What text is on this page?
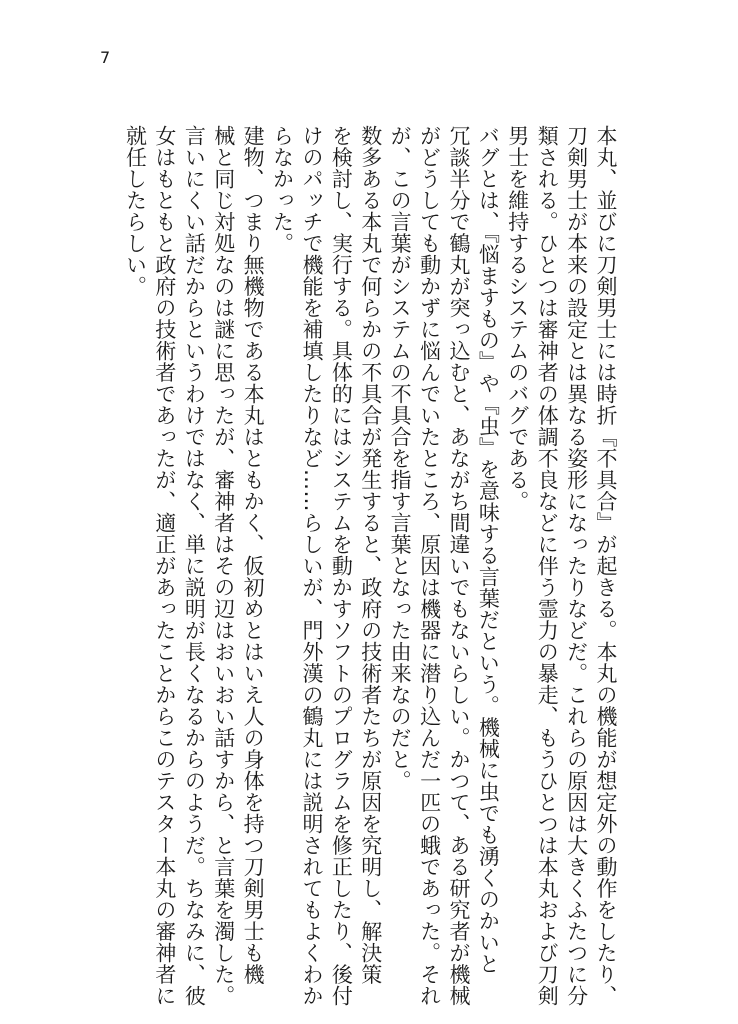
7
本丸、並びに刀剣男士には時折『不具合』が起きる。本丸の機能が想定外の動作をしたり、
刀剣男士が本来の設定とは異なる姿形になったりなどだ。これらの原因は大きくふたつに分
類される。ひとつは審神者の体調不良などに伴う霊力の暴走、もうひとつは本丸および刀剣
男士を維持するシステムのバグである。
バグとは、『悩ますもの』や『虫』を意味する言葉だという。機械に虫でも湧くのかいと
冗談半分で鶴丸が突っ込むと、あながち間違いでもないらしい。かつて、ある研究者が機械
がどうしても動かずに悩んでいたところ、原因は機器に潜り込んだ一匹の蛾であった。それ
が、この言葉がシステムの不具合を指す言葉となった由来なのだと。
数多ある本丸で何らかの不具合が発生すると、政府の技術者たちが原因を究明し、解決策
を検討し、実行する。具体的にはシステムを動かすソフトのプログラムを修正したり、後付
けのパッチで機能を補填したりなど……らしいが、門外漢の鶴丸には説明されてもよくわか
らなかった。
建物、つまり無機物である本丸はともかく、仮初めとはいえ人の身体を持つ刀剣男士も機
械と同じ対処なのは謎に思ったが、審神者はその辺はおいおい話すから、と言葉を濁した。
言いにくい話だからというわけではなく、単に説明が長くなるからのようだ。ちなみに、彼
女はもともと政府の技術者であったが、適正があったことからこのテスター本丸の審神者に
就任したらしい。
